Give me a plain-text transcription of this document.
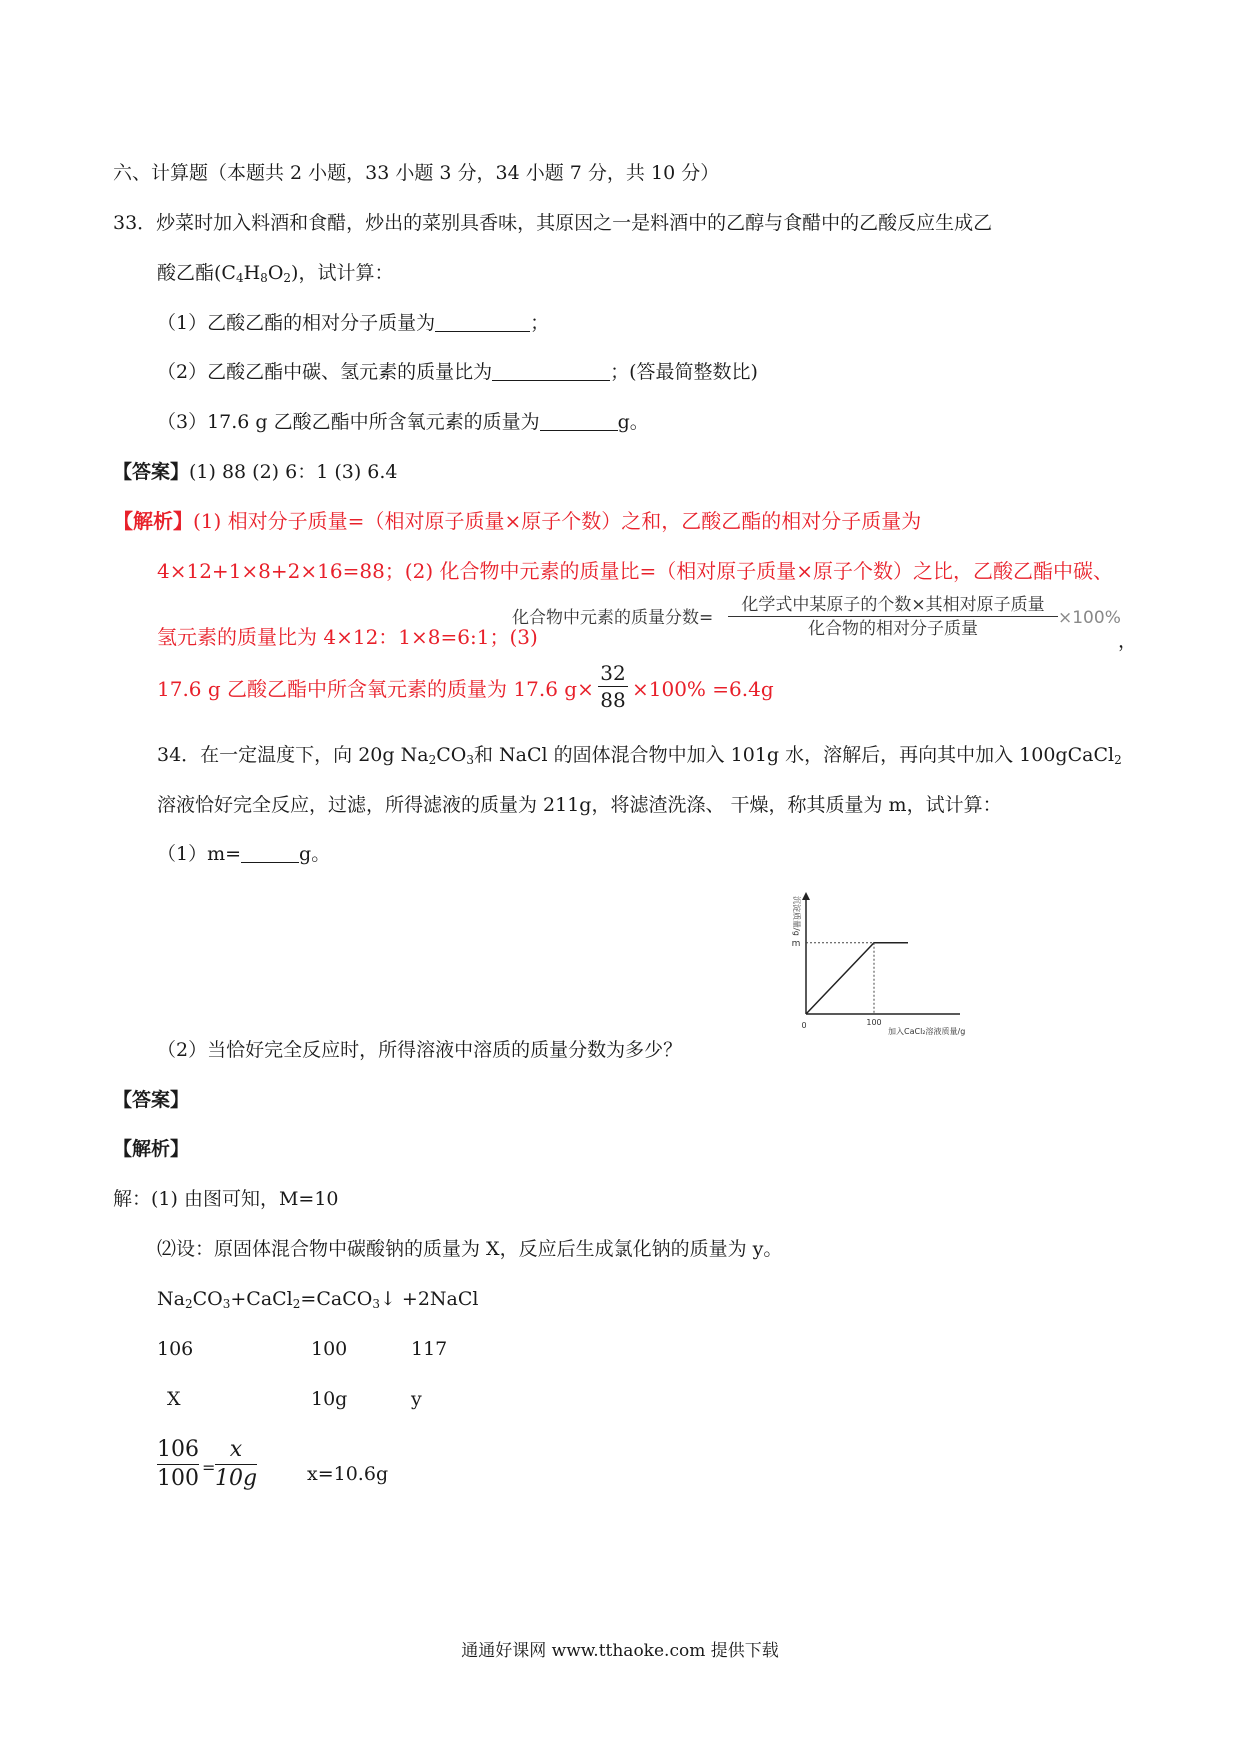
六、计算题（本题共 2 小题，33 小题 3 分，34 小题 7 分，共 10 分）
33．炒菜时加入料酒和食醋，炒出的菜别具香味，其原因之一是料酒中的乙醇与食醋中的乙酸反应生成乙
酸乙酯$(C_4H_8O_2)$，试计算：
（1）乙酸乙酯的相对分子质量为	；
（2）乙酸乙酯中碳、氢元素的质量比为	；(答最简整数比)
（3）17.6 g 乙酸乙酯中所含氧元素的质量为	g。
【答案】(1) 88 (2) 6：1 (3) 6.4
【解析】(1) 相对分子质量=（相对原子质量×原子个数）之和，乙酸乙酯的相对分子质量为
4×12+1×8+2×16=88；(2) 化合物中元素的质量比=（相对原子质量×原子个数）之比，乙酸乙酯中碳、
氢元素的质量比为 4×12：1×8=6:1；(3)
化合物中元素的质量分数=
化学式中某原子的个数×其相对原子质量
化合物的相对分子质量
×100%
，
17.6 g 乙酸乙酯中所含氧元素的质量为 17.6 g×
32
88 ×100% =6.4g
34．在一定温度下，向 20g $Na_2CO_3$和 NaCl 的固体混合物中加入 101g 水，溶解后，再向其中加入 100gCaCl$_2$
溶液恰好完全反应，过滤，所得滤液的质量为 211g，将滤渣洗涤、 干燥，称其质量为 m，试计算：
（1）m=	g。
0	100
m
加入CaCl₂溶液质量/g
沉淀质量/g
（2）当恰好完全反应时，所得溶液中溶质的质量分数为多少？
【答案】
【解析】
解：(1) 由图可知，M=10
⑵设：原固体混合物中碳酸钠的质量为 X，反应后生成氯化钠的质量为 y。
$Na_2CO_3+CaCl_2=CaCO_3↓$ +2NaCl
106	100	117
X	10g	y
106
100 =
x
10g	x=10.6g
通通好课网 www.tthaoke.com 提供下载
